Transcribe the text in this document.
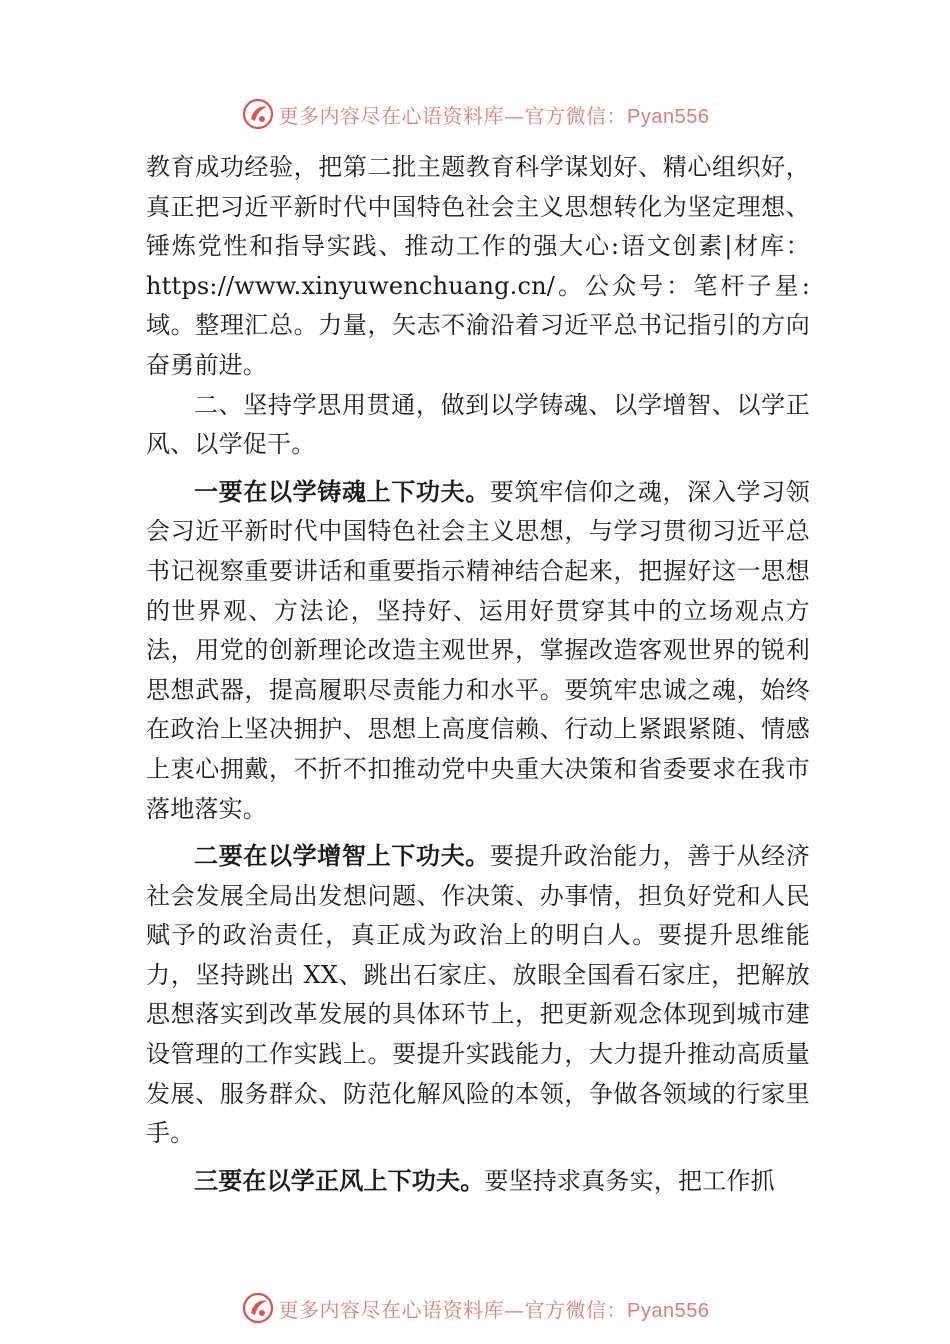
更多内容尽在心语资料库—官方微信：Pyan556

教育成功经验，把第二批主题教育科学谋划好、精心组织好，真正把习近平新时代中国特色社会主义思想转化为坚定理想、锤炼党性和指导实践、推动工作的强大心:语文创素|材库：https://www.xinyuwenchuang.cn/。公众号：笔杆子星:域。整理汇总。力量，矢志不渝沿着习近平总书记指引的方向奋勇前进。

二、坚持学思用贯通，做到以学铸魂、以学增智、以学正风、以学促干。

一要在以学铸魂上下功夫。要筑牢信仰之魂，深入学习领会习近平新时代中国特色社会主义思想，与学习贯彻习近平总书记视察重要讲话和重要指示精神结合起来，把握好这一思想的世界观、方法论，坚持好、运用好贯穿其中的立场观点方法，用党的创新理论改造主观世界，掌握改造客观世界的锐利思想武器，提高履职尽责能力和水平。要筑牢忠诚之魂，始终在政治上坚决拥护、思想上高度信赖、行动上紧跟紧随、情感上衷心拥戴，不折不扣推动党中央重大决策和省委要求在我市落地落实。

二要在以学增智上下功夫。要提升政治能力，善于从经济社会发展全局出发想问题、作决策、办事情，担负好党和人民赋予的政治责任，真正成为政治上的明白人。要提升思维能力，坚持跳出 XX、跳出石家庄、放眼全国看石家庄，把解放思想落实到改革发展的具体环节上，把更新观念体现到城市建设管理的工作实践上。要提升实践能力，大力提升推动高质量发展、服务群众、防范化解风险的本领，争做各领域的行家里手。

三要在以学正风上下功夫。要坚持求真务实，把工作抓

更多内容尽在心语资料库—官方微信：Pyan556
